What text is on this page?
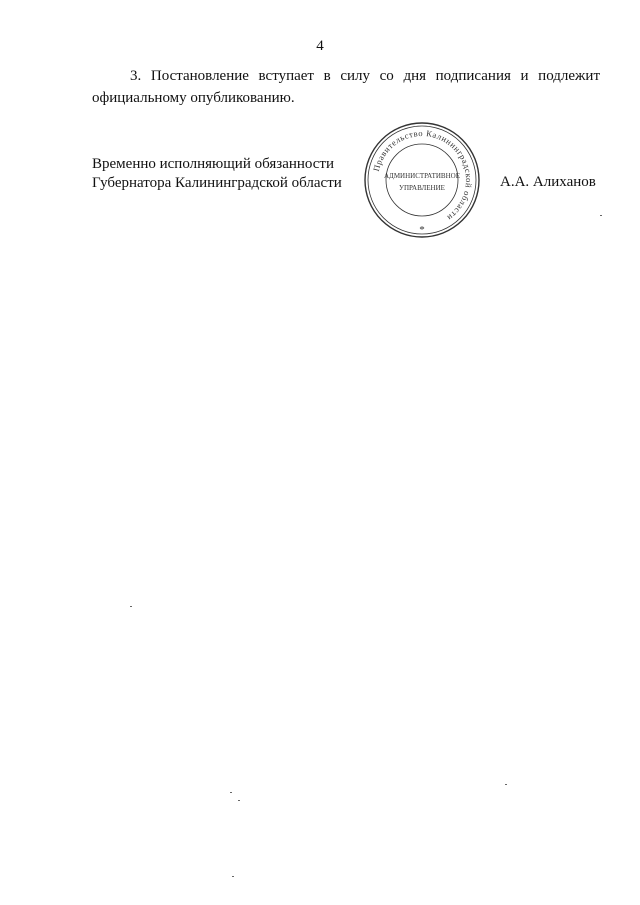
4

3. Постановление вступает в силу со дня подписания и подлежит официальному опубликованию.

Временно исполняющий обязанности
Губернатора Калининградской области
Правительство Калининградской области
АДМИНИСТРАТИВНОЕ
УПРАВЛЕНИЕ
*
А.А. Алиханов
